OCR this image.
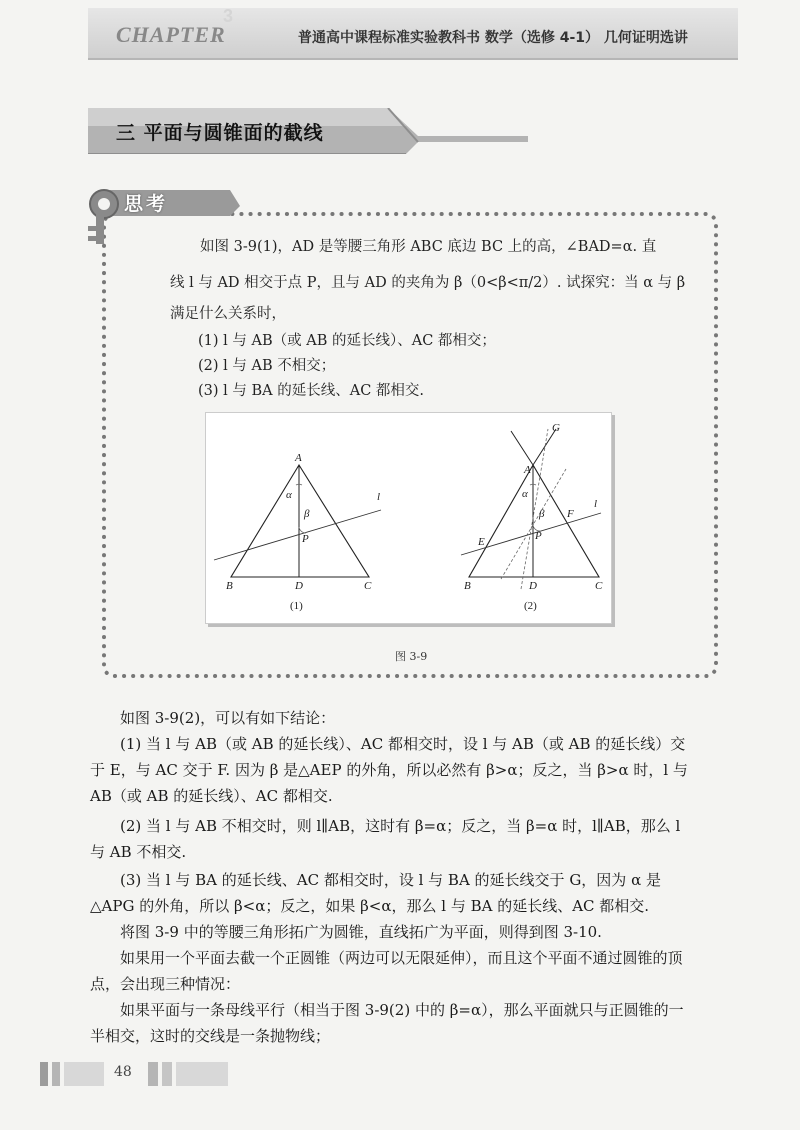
3
CHAPTER	普通高中课程标准实验教科书 数学（选修 4-1） 几何证明选讲
三 平面与圆锥面的截线
思考
如图 3-9(1)，AD 是等腰三角形 ABC 底边 BC 上的高，∠BAD=α. 直
线 l 与 AD 相交于点 P，且与 AD 的夹角为 β（0<β<π/2）. 试探究：当 α 与 β
满足什么关系时，
(1) l 与 AB（或 AB 的延长线）、AC 都相交；
(2) l 与 AB 不相交；
(3) l 与 BA 的延长线、AC 都相交.
A
B	C
D
P
l
α
β
(1)
A
B	C
D
P
E
F
G
l
α
β
(2)
图 3-9
如图 3-9(2)，可以有如下结论：
(1) 当 l 与 AB（或 AB 的延长线）、AC 都相交时，设 l 与 AB（或 AB 的延长线）交
于 E，与 AC 交于 F. 因为 β 是△AEP 的外角，所以必然有 β>α；反之，当 β>α 时，l 与
AB（或 AB 的延长线）、AC 都相交.
(2) 当 l 与 AB 不相交时，则 l∥AB，这时有 β=α；反之，当 β=α 时，l∥AB，那么 l
与 AB 不相交.
(3) 当 l 与 BA 的延长线、AC 都相交时，设 l 与 BA 的延长线交于 G，因为 α 是
△APG 的外角，所以 β<α；反之，如果 β<α，那么 l 与 BA 的延长线、AC 都相交.
将图 3-9 中的等腰三角形拓广为圆锥，直线拓广为平面，则得到图 3-10.
如果用一个平面去截一个正圆锥（两边可以无限延伸），而且这个平面不通过圆锥的顶
点，会出现三种情况：
如果平面与一条母线平行（相当于图 3-9(2) 中的 β=α），那么平面就只与正圆锥的一
半相交，这时的交线是一条抛物线；
48
